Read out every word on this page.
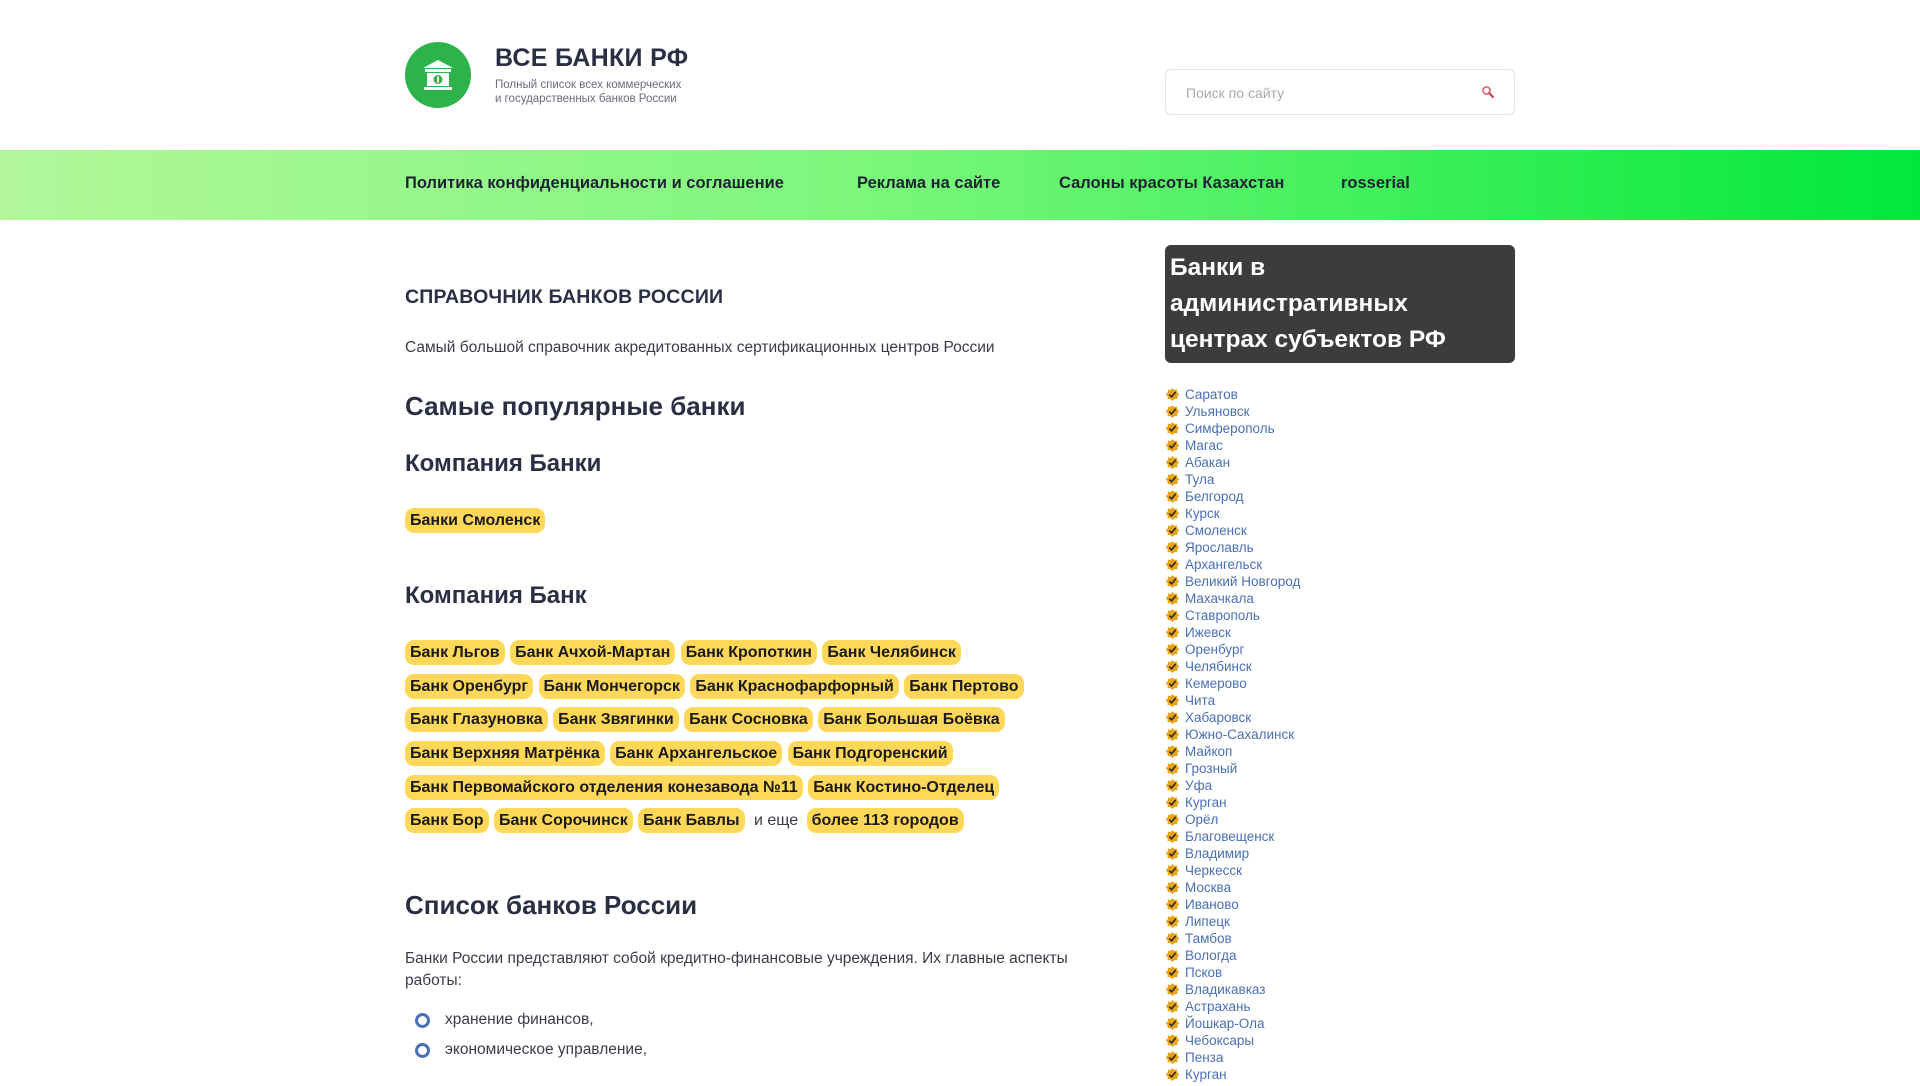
ВСЕ БАНКИ РФ
Полный список всех коммерческих
и государственных банков России
Поиск по сайту
Политика конфиденциальности и соглашение	Реклама на сайте	Салоны красоты Казахстан	rosserial
СПРАВОЧНИК БАНКОВ РОССИИ
Самый большой справочник акредитованных сертификационных центров России
Самые популярные банки
Компания Банки
Банки Смоленск
Компания Банк
Банк Льгов Банк Ачхой-Мартан Банк Кропоткин Банк Челябинск
Банк Оренбург Банк Мончегорск Банк Краснофарфорный Банк Пертово
Банк Глазуновка Банк Звягинки Банк Сосновка Банк Большая Боёвка
Банк Верхняя Матрёнка Банк Архангельское Банк Подгоренский
Банк Первомайского отделения конезавода №11 Банк Костино-Отделец
Банк Бор Банк Сорочинск Банк Бавлы и еще более 113 городов
Список банков России
Банки России представляют собой кредитно-финансовые учреждения. Их главные аспекты работы:
хранение финансов,
экономическое управление,
Банки в
административных
центрах субъектов РФ
Саратов
Ульяновск
Симферополь
Магас
Абакан
Тула
Белгород
Курск
Смоленск
Ярославль
Архангельск
Великий Новгород
Махачкала
Ставрополь
Ижевск
Оренбург
Челябинск
Кемерово
Чита
Хабаровск
Южно-Сахалинск
Майкоп
Грозный
Уфа
Курган
Орёл
Благовещенск
Владимир
Черкесск
Москва
Иваново
Липецк
Тамбов
Вологда
Псков
Владикавказ
Астрахань
Йошкар-Ола
Чебоксары
Пенза
Курган
